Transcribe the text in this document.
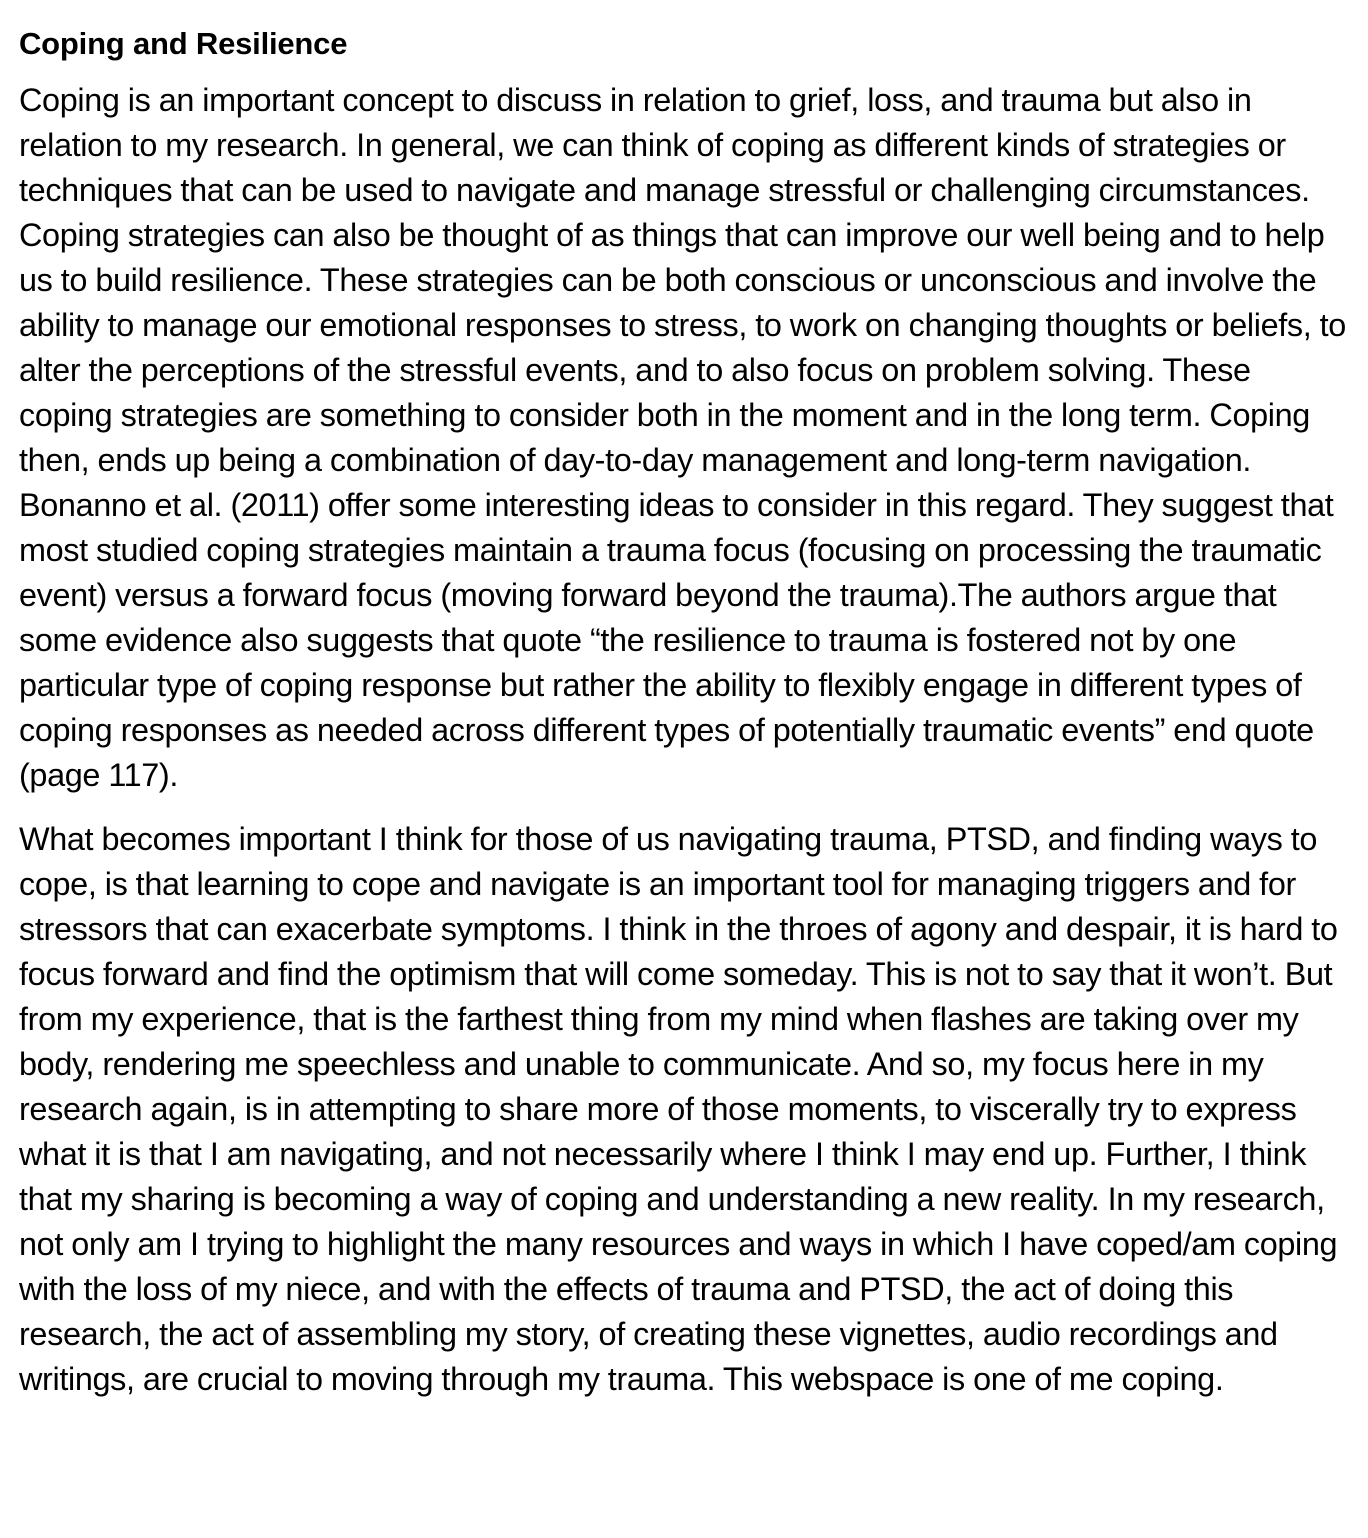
Coping and Resilience

Coping is an important concept to discuss in relation to grief, loss, and trauma but also in relation to my research. In general, we can think of coping as different kinds of strategies or techniques that can be used to navigate and manage stressful or challenging circumstances. Coping strategies can also be thought of as things that can improve our well being and to help us to build resilience. These strategies can be both conscious or unconscious and involve the ability to manage our emotional responses to stress, to work on changing thoughts or beliefs, to alter the perceptions of the stressful events, and to also focus on problem solving. These coping strategies are something to consider both in the moment and in the long term. Coping then, ends up being a combination of day-to-day management and long-term navigation. Bonanno et al. (2011) offer some interesting ideas to consider in this regard. They suggest that most studied coping strategies maintain a trauma focus (focusing on processing the traumatic event) versus a forward focus (moving forward beyond the trauma).The authors argue that some evidence also suggests that quote “the resilience to trauma is fostered not by one particular type of coping response but rather the ability to flexibly engage in different types of coping responses as needed across different types of potentially traumatic events” end quote (page 117).

What becomes important I think for those of us navigating trauma, PTSD, and finding ways to cope, is that learning to cope and navigate is an important tool for managing triggers and for stressors that can exacerbate symptoms. I think in the throes of agony and despair, it is hard to focus forward and find the optimism that will come someday. This is not to say that it won’t. But from my experience, that is the farthest thing from my mind when flashes are taking over my body, rendering me speechless and unable to communicate. And so, my focus here in my research again, is in attempting to share more of those moments, to viscerally try to express what it is that I am navigating, and not necessarily where I think I may end up. Further, I think that my sharing is becoming a way of coping and understanding a new reality. In my research, not only am I trying to highlight the many resources and ways in which I have coped/am coping with the loss of my niece, and with the effects of trauma and PTSD, the act of doing this research, the act of assembling my story, of creating these vignettes, audio recordings and writings, are crucial to moving through my trauma. This webspace is one of me coping.
